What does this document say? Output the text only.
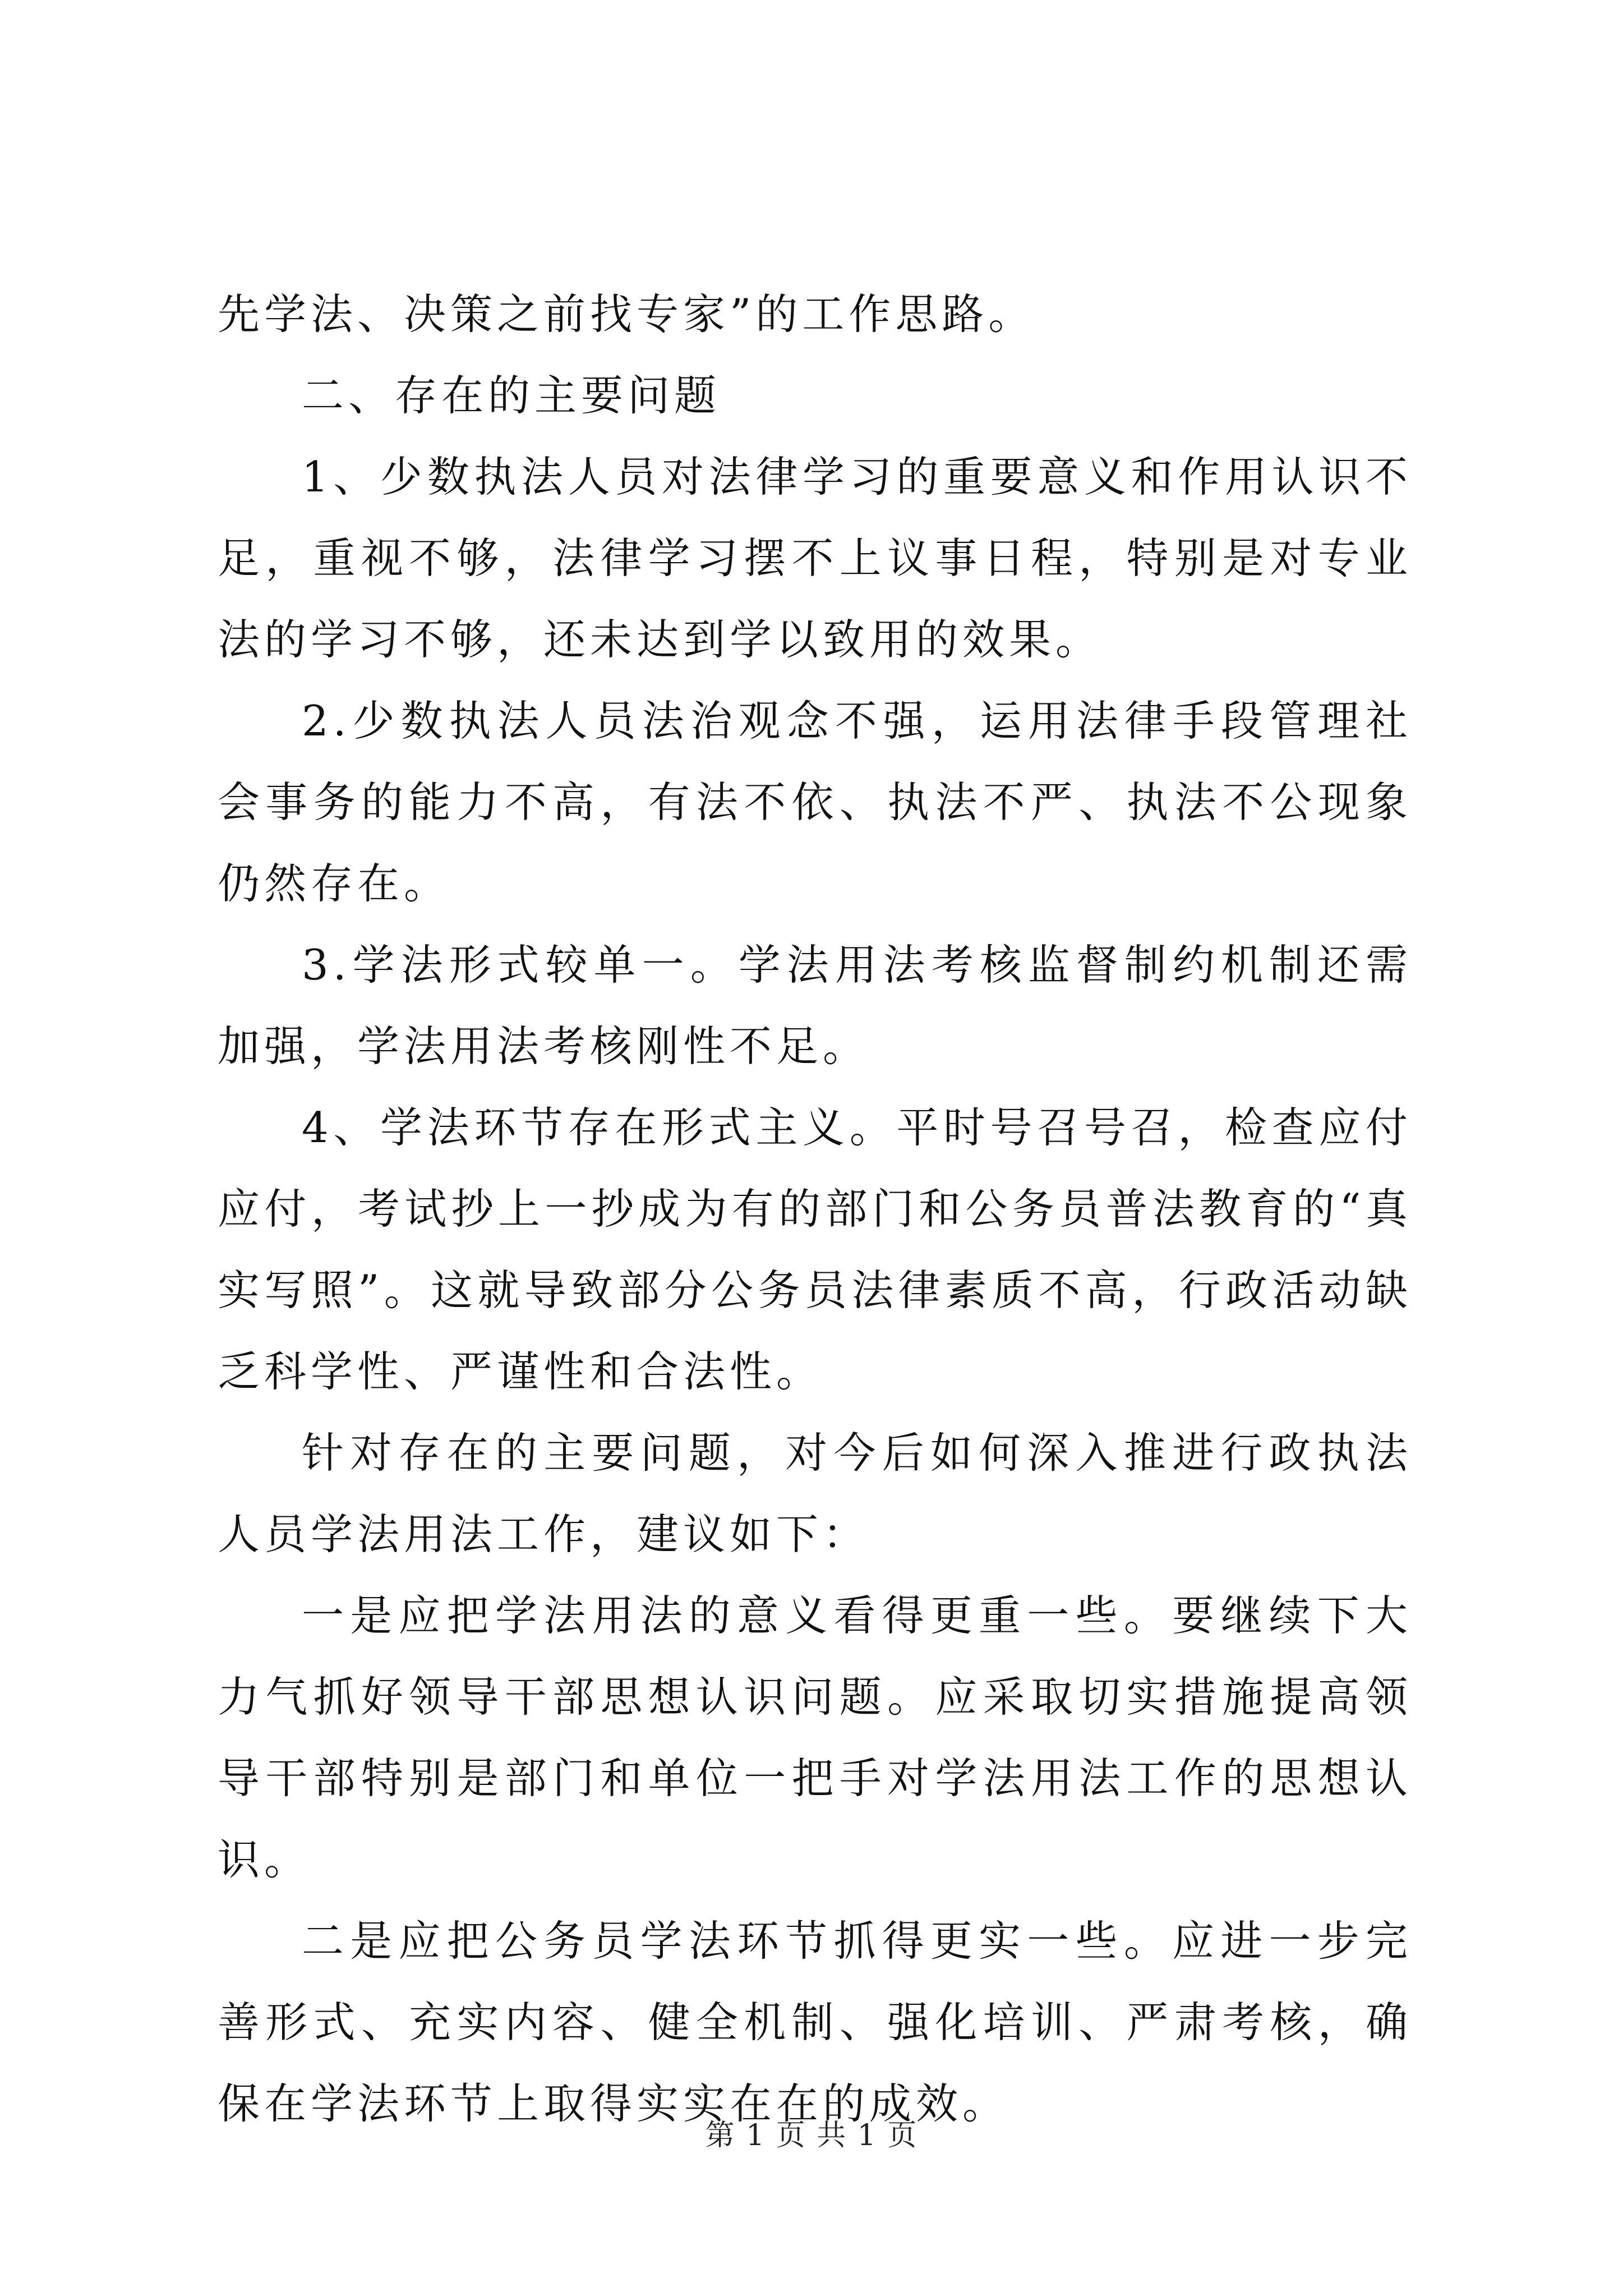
先学法、决策之前找专家”的工作思路。

二、存在的主要问题

1、少数执法人员对法律学习的重要意义和作用认识不足，重视不够，法律学习摆不上议事日程，特别是对专业法的学习不够，还未达到学以致用的效果。

2.少数执法人员法治观念不强，运用法律手段管理社会事务的能力不高，有法不依、执法不严、执法不公现象仍然存在。

3.学法形式较单一。学法用法考核监督制约机制还需加强，学法用法考核刚性不足。

4、学法环节存在形式主义。平时号召号召，检查应付应付，考试抄上一抄成为有的部门和公务员普法教育的“真实写照”。这就导致部分公务员法律素质不高，行政活动缺乏科学性、严谨性和合法性。

针对存在的主要问题，对今后如何深入推进行政执法人员学法用法工作，建议如下：

一是应把学法用法的意义看得更重一些。要继续下大力气抓好领导干部思想认识问题。应采取切实措施提高领导干部特别是部门和单位一把手对学法用法工作的思想认识。

二是应把公务员学法环节抓得更实一些。应进一步完善形式、充实内容、健全机制、强化培训、严肃考核，确保在学法环节上取得实实在在的成效。

第 1 页 共 1 页
